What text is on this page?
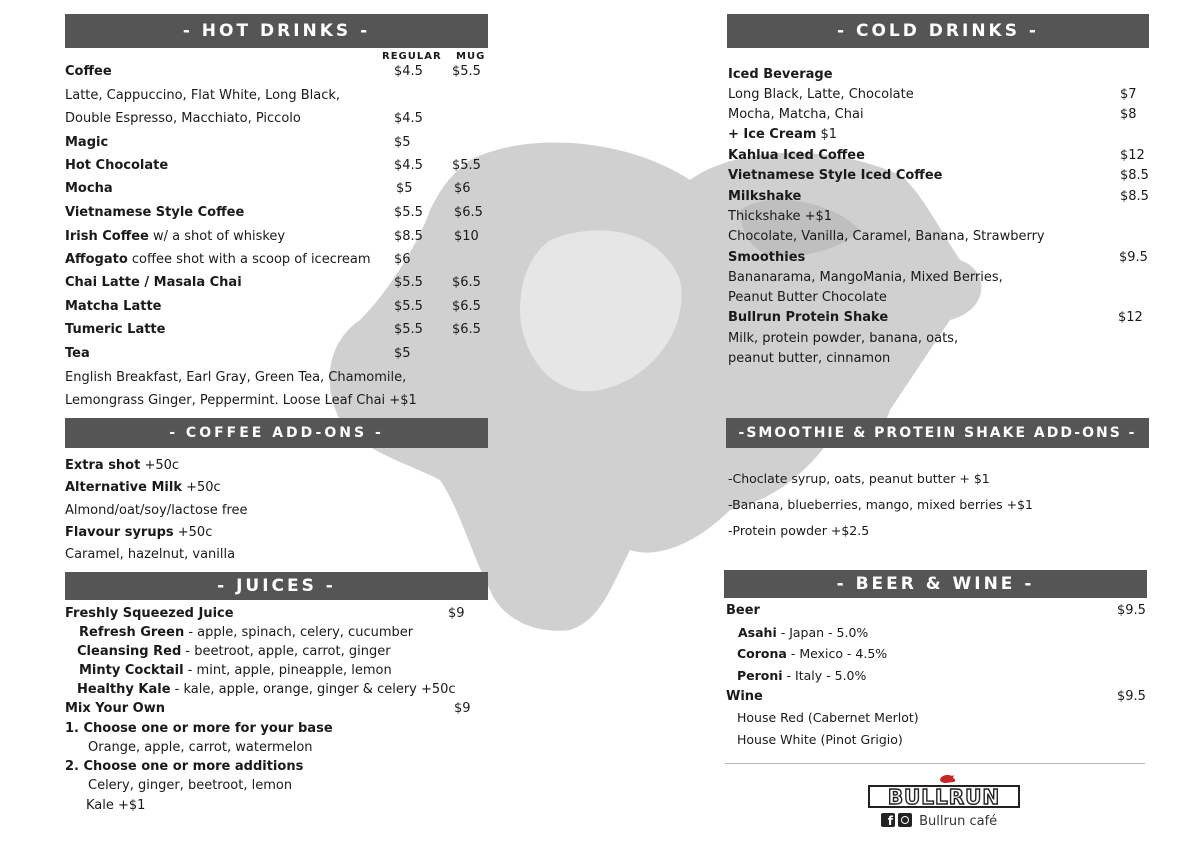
- HOT DRINKS -
REGULAR MUG
Coffee	$4.5 $5.5
Latte, Cappuccino, Flat White, Long Black,
Double Espresso, Macchiato, Piccolo	$4.5
Magic	$5
Hot Chocolate	$4.5 $5.5
Mocha	$5	$6
Vietnamese Style Coffee	$5.5 $6.5
Irish Coffee w/ a shot of whiskey	$8.5 $10
Affogato coffee shot with a scoop of icecream $6
Chai Latte / Masala Chai	$5.5 $6.5
Matcha Latte	$5.5 $6.5
Tumeric Latte	$5.5 $6.5
Tea	$5
English Breakfast, Earl Gray, Green Tea, Chamomile,
Lemongrass Ginger, Peppermint. Loose Leaf Chai +$1
- COFFEE ADD-ONS -
Extra shot +50c
Alternative Milk +50c
Almond/oat/soy/lactose free
Flavour syrups +50c
Caramel, hazelnut, vanilla
- JUICES -
Freshly Squeezed Juice	$9
Refresh Green - apple, spinach, celery, cucumber
Cleansing Red - beetroot, apple, carrot, ginger
Minty Cocktail - mint, apple, pineapple, lemon
Healthy Kale - kale, apple, orange, ginger & celery +50c
Mix Your Own	$9
1. Choose one or more for your base
Orange, apple, carrot, watermelon
2. Choose one or more additions
Celery, ginger, beetroot, lemon
Kale +$1
- COLD DRINKS -
Iced Beverage
Long Black, Latte, Chocolate	$7
Mocha, Matcha, Chai	$8
+ Ice Cream $1
Kahlua Iced Coffee	$12
Vietnamese Style Iced Coffee	$8.5
Milkshake	$8.5
Thickshake +$1
Chocolate, Vanilla, Caramel, Banana, Strawberry
Smoothies	$9.5
Bananarama, MangoMania, Mixed Berries,
Peanut Butter Chocolate
Bullrun Protein Shake	$12
Milk, protein powder, banana, oats,
peanut butter, cinnamon
-SMOOTHIE & PROTEIN SHAKE ADD-ONS -
-Choclate syrup, oats, peanut butter + $1
-Banana, blueberries, mango, mixed berries +$1
-Protein powder +$2.5
- BEER & WINE -
Beer	$9.5
Asahi - Japan - 5.0%
Corona - Mexico - 4.5%
Peroni - Italy - 5.0%
Wine	$9.5
House Red (Cabernet Merlot)
House White (Pinot Grigio)
BULLRUN
f Bullrun café
